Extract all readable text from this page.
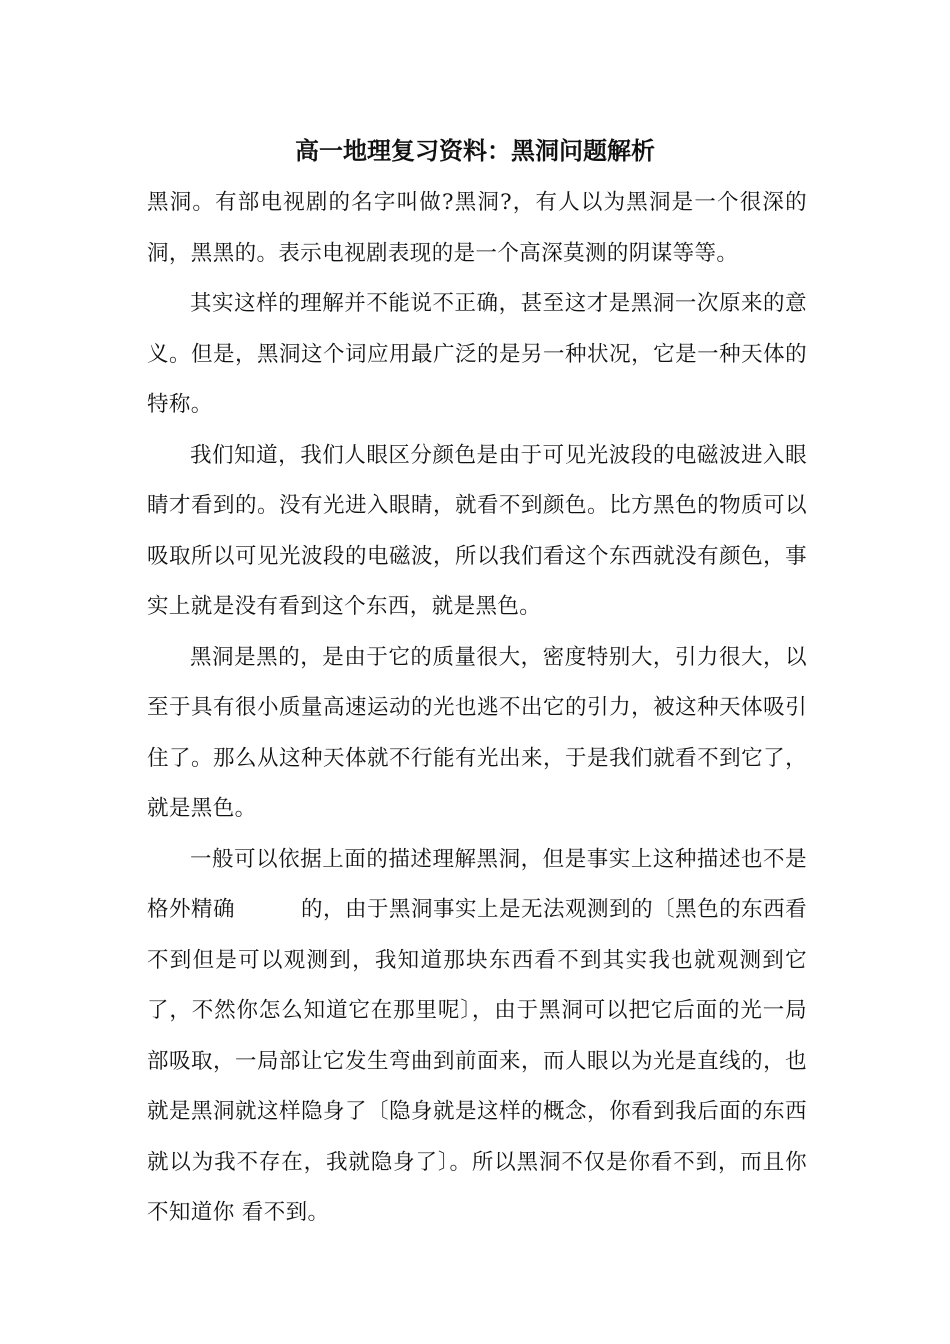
高一地理复习资料：黑洞问题解析

黑洞。有部电视剧的名字叫做?黑洞?，有人以为黑洞是一个很深的洞，黑黑的。表示电视剧表现的是一个高深莫测的阴谋等等。

其实这样的理解并不能说不正确，甚至这才是黑洞一次原来的意义。但是，黑洞这个词应用最广泛的是另一种状况，它是一种天体的特称。

我们知道，我们人眼区分颜色是由于可见光波段的电磁波进入眼睛才看到的。没有光进入眼睛，就看不到颜色。比方黑色的物质可以吸取所以可见光波段的电磁波，所以我们看这个东西就没有颜色，事实上就是没有看到这个东西，就是黑色。

黑洞是黑的，是由于它的质量很大，密度特别大，引力很大，以至于具有很小质量高速运动的光也逃不出它的引力，被这种天体吸引住了。那么从这种天体就不行能有光出来，于是我们就看不到它了，就是黑色。

一般可以依据上面的描述理解黑洞，但是事实上这种描述也不是格外精确　　　的，由于黑洞事实上是无法观测到的〔黑色的东西看不到但是可以观测到，我知道那块东西看不到其实我也就观测到它了，不然你怎么知道它在那里呢〕，由于黑洞可以把它后面的光一局部吸取，一局部让它发生弯曲到前面来，而人眼以为光是直线的，也就是黑洞就这样隐身了〔隐身就是这样的概念，你看到我后面的东西就以为我不存在，我就隐身了〕。所以黑洞不仅是你看不到，而且你不知道你 看不到。
